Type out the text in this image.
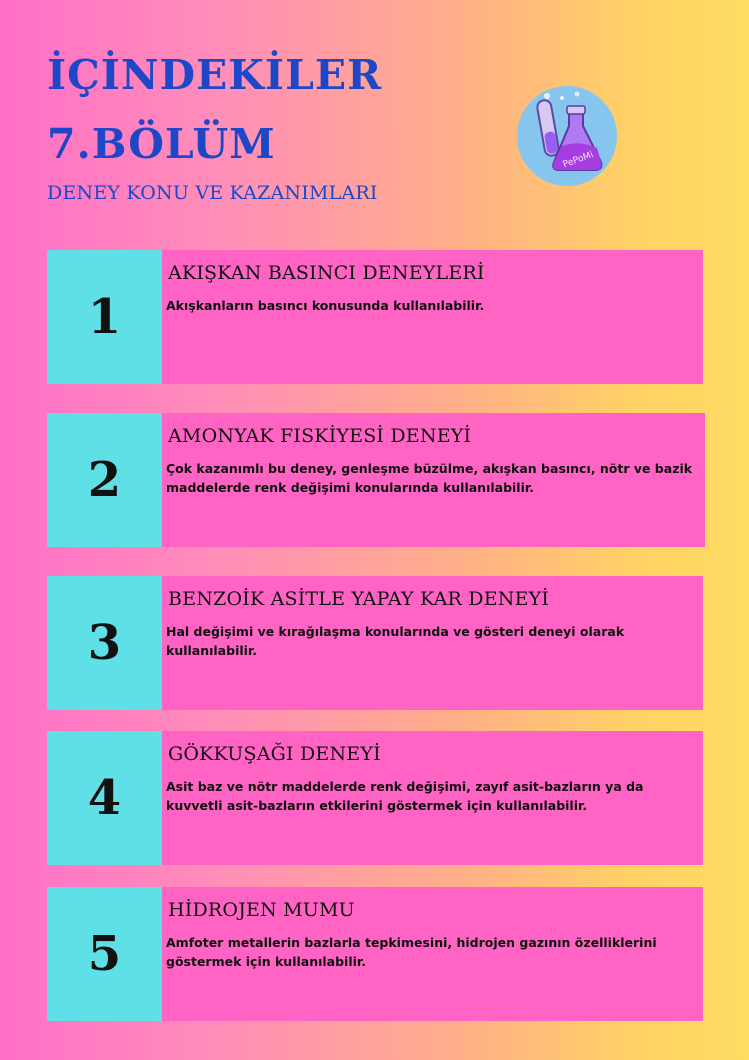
İÇİNDEKİLER
7.BÖLÜM
DENEY KONU VE KAZANIMLARI
PePoMi
1
AKIŞKAN BASINCI DENEYLERİ
Akışkanların basıncı konusunda kullanılabilir.
2
AMONYAK FISKİYESİ DENEYİ
Çok kazanımlı bu deney, genleşme büzülme, akışkan basıncı, nötr ve bazik maddelerde renk değişimi konularında kullanılabilir.
3
BENZOİK ASİTLE YAPAY KAR DENEYİ
Hal değişimi ve kırağılaşma konularında ve gösteri deneyi olarak kullanılabilir.
4
GÖKKUŞAĞI DENEYİ
Asit baz ve nötr maddelerde renk değişimi, zayıf asit-bazların ya da kuvvetli asit-bazların etkilerini göstermek için kullanılabilir.
5
HİDROJEN MUMU
Amfoter metallerin bazlarla tepkimesini, hidrojen gazının özelliklerini göstermek için kullanılabilir.
